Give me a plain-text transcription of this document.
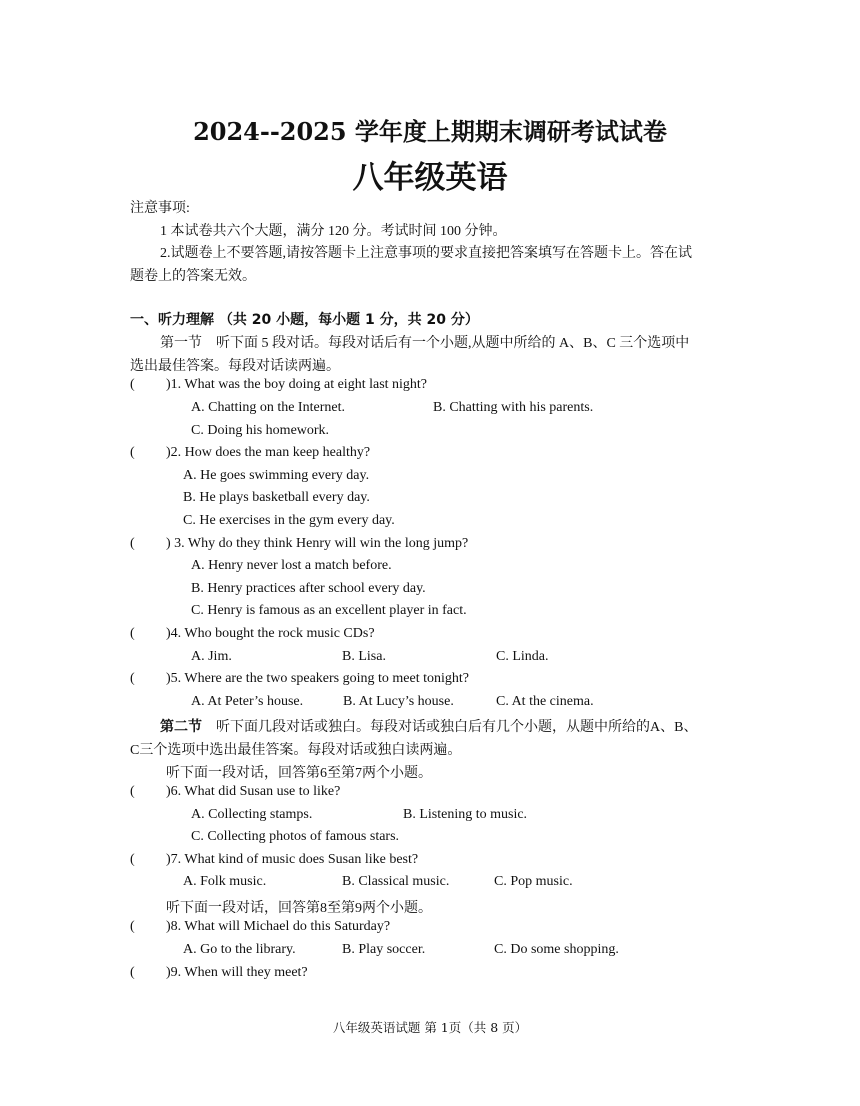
2024--2025 学年度上期期末调研考试试卷
八年级英语
注意事项:
1 本试卷共六个大题，满分 120 分。考试时间 100 分钟。
2.试题卷上不要答题,请按答题卡上注意事项的要求直接把答案填写在答题卡上。答在试
题卷上的答案无效。
一、听力理解 （共 20 小题，每小题 1 分，共 20 分）
第一节　听下面 5 段对话。每段对话后有一个小题,从题中所给的 A、B、C 三个选项中
选出最佳答案。每段对话读两遍。
( )1. What was the boy doing at eight last night?
A. Chatting on the Internet.	B. Chatting with his parents.
C. Doing his homework.
( )2. How does the man keep healthy?
A. He goes swimming every day.
B. He plays basketball every day.
C. He exercises in the gym every day.
( ) 3. Why do they think Henry will win the long jump?
A. Henry never lost a match before.
B. Henry practices after school every day.
C. Henry is famous as an excellent player in fact.
( )4. Who bought the rock music CDs?
A. Jim.	B. Lisa.	C. Linda.
( )5. Where are the two speakers going to meet tonight?
A. At Peter’s house.	B. At Lucy’s house.	C. At the cinema.
第二节　听下面几段对话或独白。每段对话或独白后有几个小题，从题中所给的A、B、
C三个选项中选出最佳答案。每段对话或独白读两遍。
听下面一段对话，回答第6至第7两个小题。
( )6. What did Susan use to like?
A. Collecting stamps.	B. Listening to music.
C. Collecting photos of famous stars.
( )7. What kind of music does Susan like best?
A. Folk music.	B. Classical music.	C. Pop music.
听下面一段对话，回答第8至第9两个小题。
( )8. What will Michael do this Saturday?
A. Go to the library.	B. Play soccer.	C. Do some shopping.
( )9. When will they meet?
八年级英语试题 第 1页（共 8 页）
